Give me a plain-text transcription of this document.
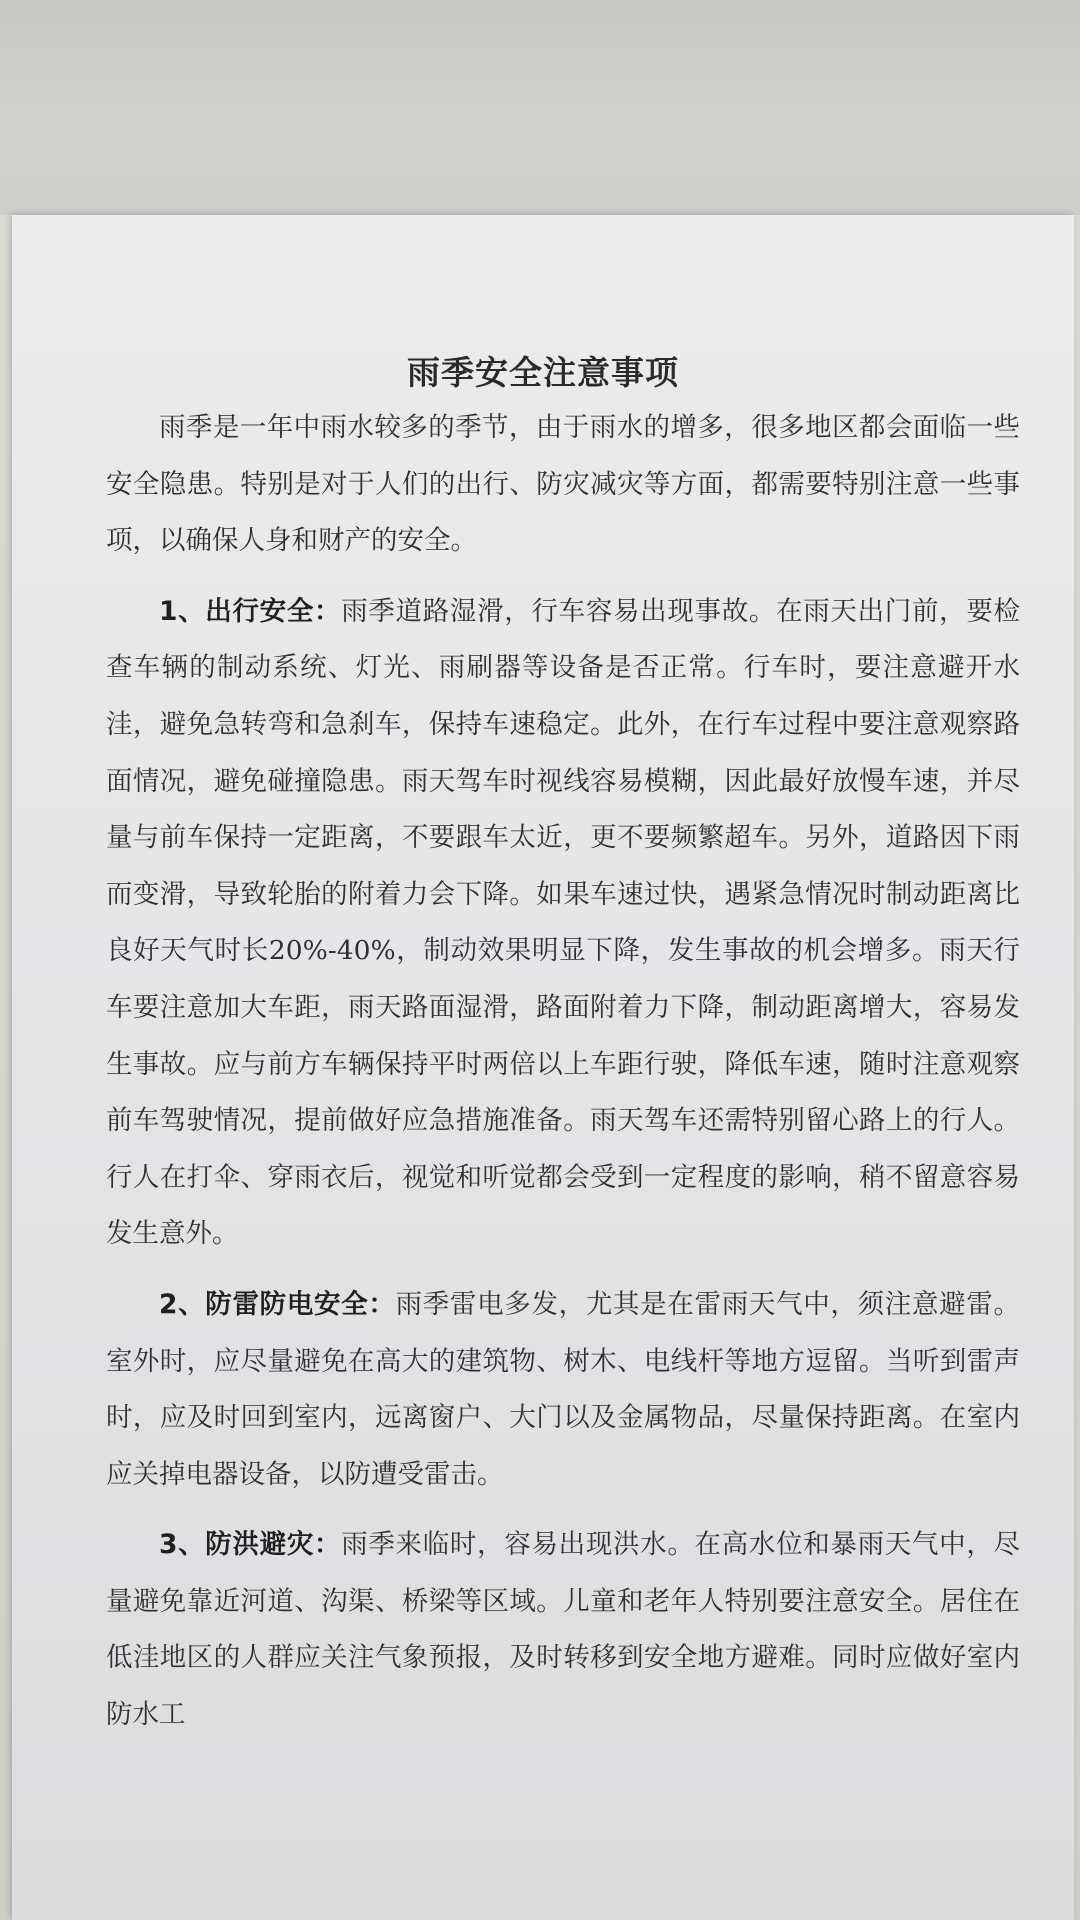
雨季安全注意事项

雨季是一年中雨水较多的季节，由于雨水的增多，很多地区都会面临一些安全隐患。特别是对于人们的出行、防灾减灾等方面，都需要特别注意一些事项，以确保人身和财产的安全。

1、出行安全：雨季道路湿滑，行车容易出现事故。在雨天出门前，要检查车辆的制动系统、灯光、雨刷器等设备是否正常。行车时，要注意避开水洼，避免急转弯和急刹车，保持车速稳定。此外，在行车过程中要注意观察路面情况，避免碰撞隐患。雨天驾车时视线容易模糊，因此最好放慢车速，并尽量与前车保持一定距离，不要跟车太近，更不要频繁超车。另外，道路因下雨而变滑，导致轮胎的附着力会下降。如果车速过快，遇紧急情况时制动距离比良好天气时长20%-40%，制动效果明显下降，发生事故的机会增多。雨天行车要注意加大车距，雨天路面湿滑，路面附着力下降，制动距离增大，容易发生事故。应与前方车辆保持平时两倍以上车距行驶，降低车速，随时注意观察前车驾驶情况，提前做好应急措施准备。雨天驾车还需特别留心路上的行人。行人在打伞、穿雨衣后，视觉和听觉都会受到一定程度的影响，稍不留意容易发生意外。

2、防雷防电安全：雨季雷电多发，尤其是在雷雨天气中，须注意避雷。室外时，应尽量避免在高大的建筑物、树木、电线杆等地方逗留。当听到雷声时，应及时回到室内，远离窗户、大门以及金属物品，尽量保持距离。在室内应关掉电器设备，以防遭受雷击。

3、防洪避灾：雨季来临时，容易出现洪水。在高水位和暴雨天气中，尽量避免靠近河道、沟渠、桥梁等区域。儿童和老年人特别要注意安全。居住在低洼地区的人群应关注气象预报，及时转移到安全地方避难。同时应做好室内防水工
